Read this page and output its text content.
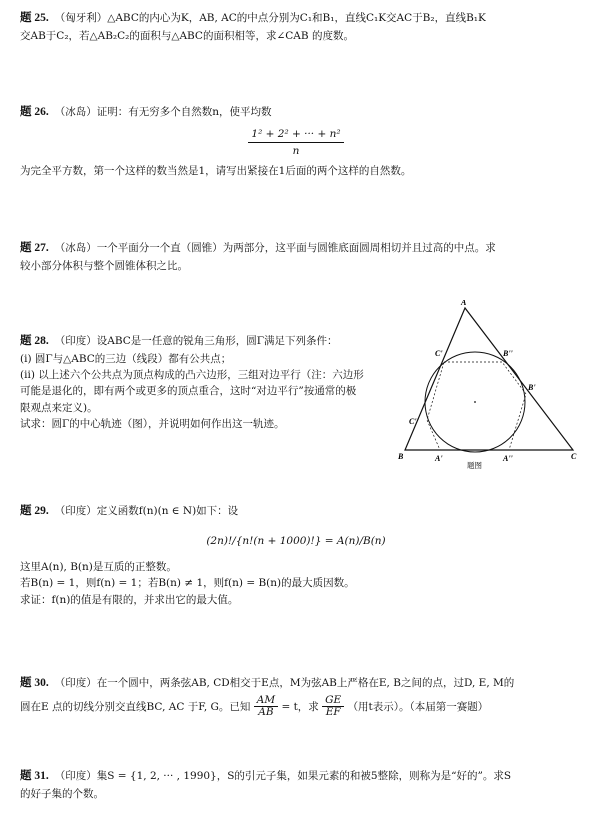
题 25. （匈牙利）△ABC的内心为K，AB, AC的中点分别为C₁和B₁，直线C₁K交AC于B₂，直线B₁K
交AB于C₂，若△AB₂C₂的面积与△ABC的面积相等，求∠CAB 的度数。
题 26. （冰岛）证明：有无穷多个自然数n，使平均数
$\frac{\text{1² + 2² + ··· + n²}}{n}$
为完全平方数，第一个这样的数当然是1，请写出紧接在1后面的两个这样的自然数。
题 27. （冰岛）一个平面分一个直（圆锥）为两部分，这平面与圆锥底面圆周相切并且过高的中点。求
较小部分体积与整个圆锥体积之比。
题 28. （印度）设ABC是一任意的锐角三角形，圆Γ满足下列条件：
(i) 圆Γ与△ABC的三边（线段）都有公共点；
(ii) 以上述六个公共点为顶点构成的凸六边形，三组对边平行（注：六边形
可能是退化的，即有两个或更多的顶点重合，这时“对边平行”按通常的极
限观点来定义)。
试求：圆Γ的中心轨迹（图），并说明如何作出这一轨迹。
A
B	C
A'	A''
B'
B''
C'
C''
题图
题 29. （印度）定义函数f(n)(n ∈ N)如下：设
(2n)!/{n!(n + 1000)!} = A(n)/B(n)
这里A(n), B(n)是互质的正整数。
若B(n) = 1，则f(n) = 1；若B(n) ≠ 1，则f(n) = B(n)的最大质因数。
求证：f(n)的值是有限的，并求出它的最大值。
题 30. （印度）在一个圆中，两条弦AB, CD相交于E点，M为弦AB上严格在E, B之间的点，过D, E, M的
圆在E 点的切线分别交直线BC, AC 于F, G。已知 $\frac{AM}{AB} = t$，求 $\frac{GE}{EF}$ （用t表示）。（本届第一赛题）
题 31. （印度）集S = {1, 2, ··· , 1990}，S的引元子集，如果元素的和被5整除，则称为是“好的”。求S
的好子集的个数。
